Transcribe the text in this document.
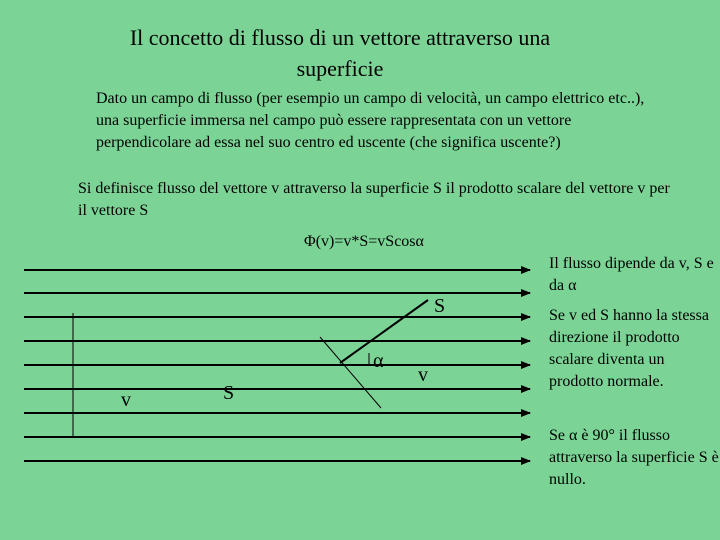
Il concetto di flusso di un vettore attraverso una superficie
Dato un campo di flusso (per esempio un campo di velocità, un campo elettrico etc..), una superficie immersa nel campo può essere rappresentata con un vettore perpendicolare ad essa nel suo centro ed uscente (che significa uscente?)
Si definisce flusso del vettore v attraverso la superficie S il prodotto scalare del vettore v per il vettore S
Φ(v)=v*S=vScosα
Il flusso dipende da v, S e da α
Se v ed S hanno la stessa direzione il prodotto scalare diventa un prodotto normale.
Se α è 90° il flusso attraverso la superficie S è nullo.
v	S
S
α
v
